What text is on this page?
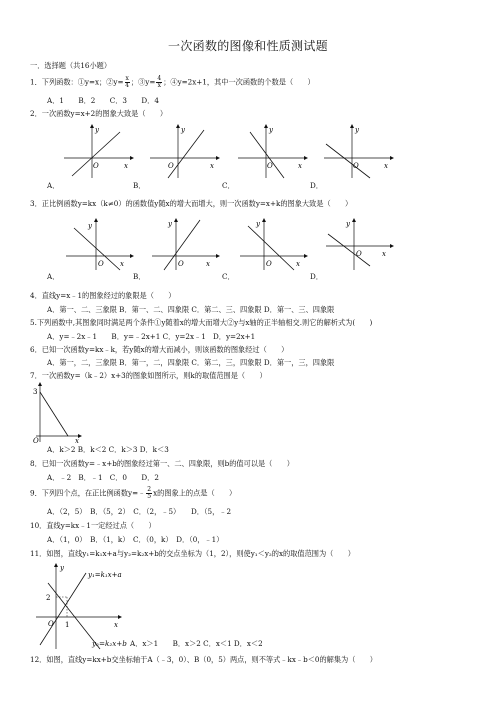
一次函数的图像和性质测试题
一．选择题（共16小题）
1．下列函数：①y=x；②y= $\frac{x}{4}$ ；③y= $\frac{4}{x}$ ；④y=2x+1，其中一次函数的个数是（　　）
A．1　　B．2　　C．3　　D．4
2．一次函数y=x+2的图象大致是（　　）
y
x
O
y
x
O
y
x
O
y
x
O
A．	B．	C．	D．
3．正比例函数y=kx（k≠0）的函数值y随x的增大而增大，则一次函数y=x+k的图象大致是（　　）
y
x
O
y
x
O
y
x
O
y
x
O
A．	B．	C．	D．
4．直线y=x﹣1的图象经过的象限是（　　）
A．第一、二、三象限 B．第一、二、四象限 C．第二、三、四象限 D．第一、三、四象限
5.下列函数中,其图象同时满足两个条件①y随着x的增大而增大②y与x轴的正半轴相交.则它的解析式为(　　)
A．y=﹣2x﹣1　　B．y=﹣2x+1 C．y=2x﹣1　D．y=2x+1
6．已知一次函数y=kx﹣k，若y随x的增大而减小，则该函数的图象经过（　　）
A．第一，二，三象限 B．第一，二，四象限 C．第二，三，四象限 D．第一，三，四象限
7．一次函数y=（k﹣2）x+3的图象如图所示，则k的取值范围是（　　）
3
O	x
A．k＞2 B．k＜2 C．k＞3 D．k＜3
8．已知一次函数y=﹣x+b的图象经过第一、二、四象限，则b的值可以是（　　）
A．﹣2　B．﹣1　C．0　　D．2
9．下列四个点，在正比例函数y=﹣ $\frac{2}{5}$ x的图象上的点是（　　）
A．（2，5）　B．（5，2）　C．（2，﹣5）　　D．（5，﹣2
10．直线y=kx﹣1一定经过点（　　）
A．（1，0）　B．（1，k）　C．（0，k）　D．（0，﹣1）
11．如图，直线y₁=k₁x+a与y₂=k₂x+b的交点坐标为（1，2），则使y₁＜y₂的x的取值范围为（　　）
y
y₁=k₁x+a
2
O 1	x
y₂=k₂x+b A．x＞1　　B．x＞2 C．x＜1 D．x＜2
12．如图，直线y=kx+b交坐标轴于A（﹣3，0）、B（0，5）两点，则不等式﹣kx﹣b＜0的解集为（　　）
